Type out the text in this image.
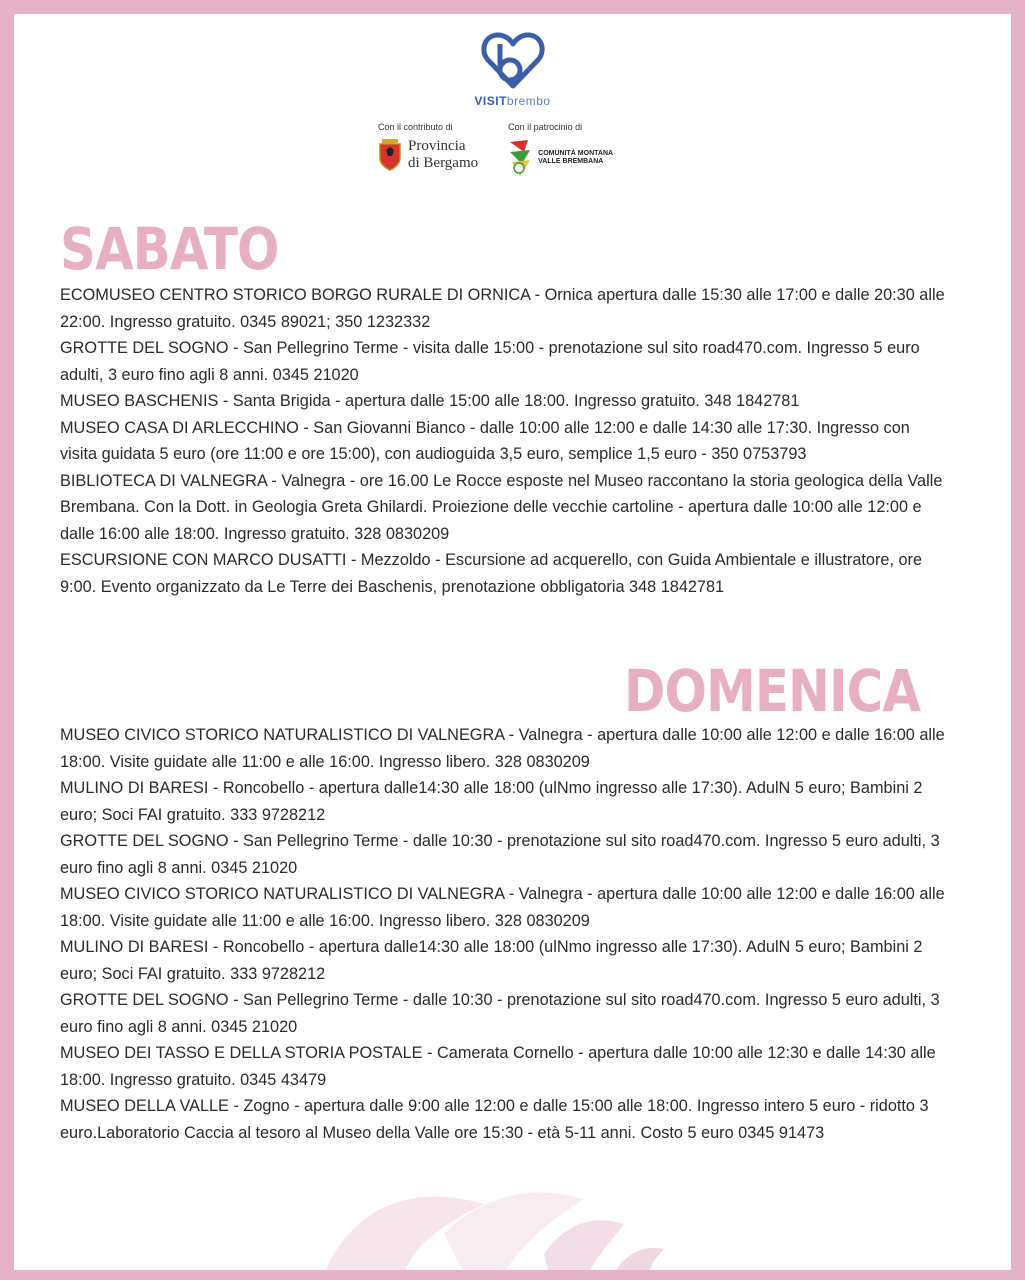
VISITbrembo
Con il contributo di
Provincia
di Bergamo
Con il patrocinio di
COMUNITÀ MONTANA
VALLE BREMBANA
SABATO
ECOMUSEO CENTRO STORICO BORGO RURALE DI ORNICA - Ornica apertura dalle 15:30 alle 17:00 e dalle 20:30 alle 22:00. Ingresso gratuito. 0345 89021; 350 1232332
GROTTE DEL SOGNO - San Pellegrino Terme - visita dalle 15:00 - prenotazione sul sito road470.com. Ingresso 5 euro adulti, 3 euro fino agli 8 anni. 0345 21020
MUSEO BASCHENIS - Santa Brigida - apertura dalle 15:00 alle 18:00. Ingresso gratuito. 348 1842781
MUSEO CASA DI ARLECCHINO - San Giovanni Bianco - dalle 10:00 alle 12:00 e dalle 14:30 alle 17:30. Ingresso con visita guidata 5 euro (ore 11:00 e ore 15:00), con audioguida 3,5 euro, semplice 1,5 euro - 350 0753793
BIBLIOTECA DI VALNEGRA - Valnegra - ore 16.00 Le Rocce esposte nel Museo raccontano la storia geologica della Valle Brembana. Con la Dott. in Geologia Greta Ghilardi. Proiezione delle vecchie cartoline - apertura dalle 10:00 alle 12:00 e dalle 16:00 alle 18:00. Ingresso gratuito. 328 0830209
ESCURSIONE CON MARCO DUSATTI - Mezzoldo - Escursione ad acquerello, con Guida Ambientale e illustratore, ore 9:00. Evento organizzato da Le Terre dei Baschenis, prenotazione obbligatoria 348 1842781
DOMENICA
MUSEO CIVICO STORICO NATURALISTICO DI VALNEGRA - Valnegra - apertura dalle 10:00 alle 12:00 e dalle 16:00 alle 18:00. Visite guidate alle 11:00 e alle 16:00. Ingresso libero. 328 0830209
MULINO DI BARESI - Roncobello - apertura dalle14:30 alle 18:00 (ulNmo ingresso alle 17:30). AdulN 5 euro; Bambini 2 euro; Soci FAI gratuito. 333 9728212
GROTTE DEL SOGNO - San Pellegrino Terme - dalle 10:30 - prenotazione sul sito road470.com. Ingresso 5 euro adulti, 3 euro fino agli 8 anni. 0345 21020
MUSEO CIVICO STORICO NATURALISTICO DI VALNEGRA - Valnegra - apertura dalle 10:00 alle 12:00 e dalle 16:00 alle 18:00. Visite guidate alle 11:00 e alle 16:00. Ingresso libero. 328 0830209
MULINO DI BARESI - Roncobello - apertura dalle14:30 alle 18:00 (ulNmo ingresso alle 17:30). AdulN 5 euro; Bambini 2 euro; Soci FAI gratuito. 333 9728212
GROTTE DEL SOGNO - San Pellegrino Terme - dalle 10:30 - prenotazione sul sito road470.com. Ingresso 5 euro adulti, 3 euro fino agli 8 anni. 0345 21020
MUSEO DEI TASSO E DELLA STORIA POSTALE - Camerata Cornello - apertura dalle 10:00 alle 12:30 e dalle 14:30 alle 18:00. Ingresso gratuito. 0345 43479
MUSEO DELLA VALLE - Zogno - apertura dalle 9:00 alle 12:00 e dalle 15:00 alle 18:00. Ingresso intero 5 euro - ridotto 3 euro.Laboratorio Caccia al tesoro al Museo della Valle ore 15:30 - età 5-11 anni. Costo 5 euro 0345 91473
